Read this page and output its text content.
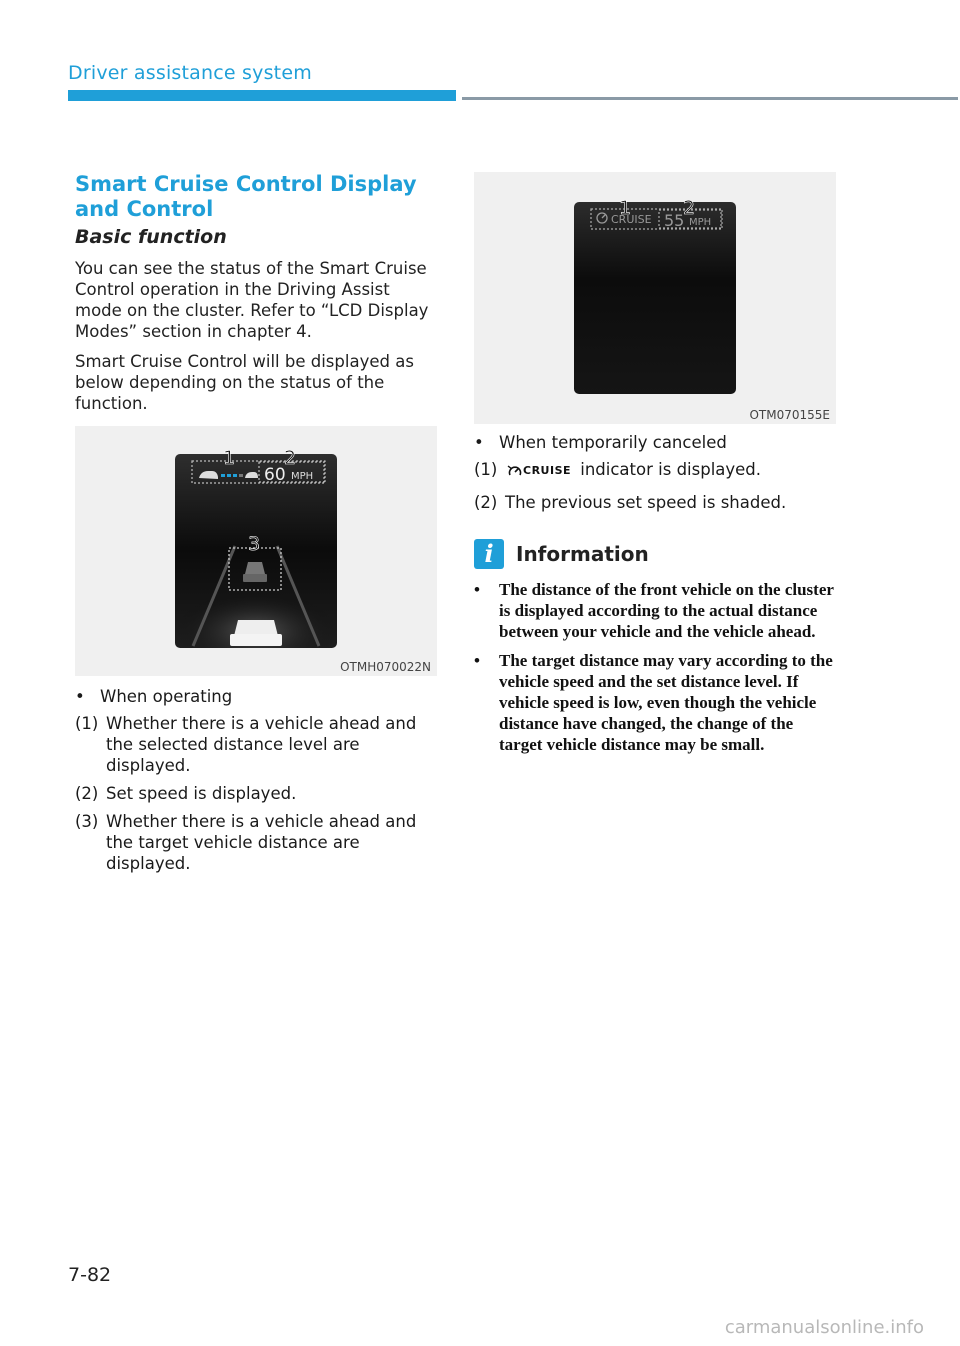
Driver assistance system
Smart Cruise Control Display and Control
Basic function

You can see the status of the Smart Cruise Control operation in the Driving Assist mode on the cluster. Refer to “LCD Display Modes” section in chapter 4.

Smart Cruise Control will be displayed as below depending on the status of the function.

60 MPH
1	2
3
OTMH070022N
• When operating
(1) Whether there is a vehicle ahead and the selected distance level are displayed.
(2) Set speed is displayed.
(3) Whether there is a vehicle ahead and the target vehicle distance are displayed.
CRUISE 55 MPH
1	2
OTM070155E
• When temporarily canceled
(1)	CRUISE indicator is displayed.
(2) The previous set speed is shaded.
i	Information
•	The distance of the front vehicle on the cluster is displayed according to the actual distance between your vehicle and the vehicle ahead.
•	The target distance may vary according to the vehicle speed and the set distance level. If vehicle speed is low, even though the vehicle distance have changed, the change of the target vehicle distance may be small.
7-82
carmanualsonline.info
